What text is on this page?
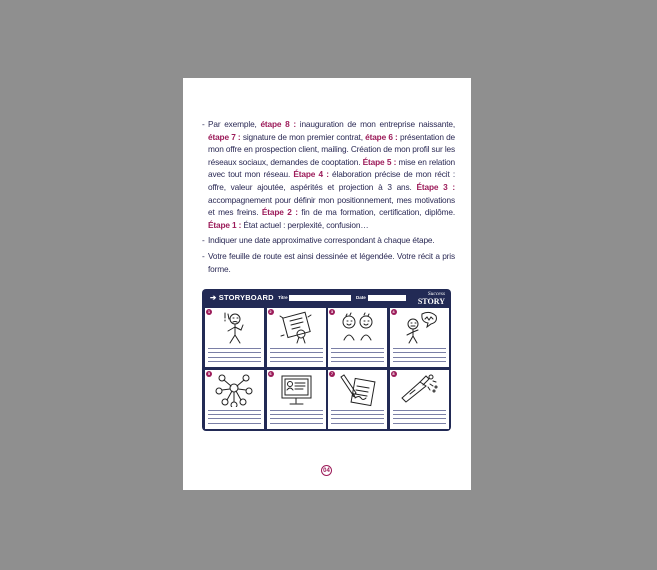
- Par exemple, étape 8 : inauguration de mon entreprise naissante, étape 7 : signature de mon premier contrat, étape 6 : présentation de mon offre en prospection client, mailing. Création de mon profil sur les réseaux sociaux, demandes de cooptation. Étape 5 : mise en relation avec tout mon réseau. Étape 4 : élaboration précise de mon récit : offre, valeur ajoutée, aspérités et projection à 3 ans. Étape 3 : accompagnement pour définir mon positionnement, mes motivations et mes freins. Étape 2 : fin de ma formation, certification, diplôme. Étape 1 : État actuel : perplexité, confusion…
- Indiquer une date approximative correspondant à chaque étape.
- Votre feuille de route est ainsi dessinée et légendée. Votre récit a pris forme.
➔ STORYBOARD Titre	Date
Success
STORY
1	2	3	4
5	6	7	8
04
